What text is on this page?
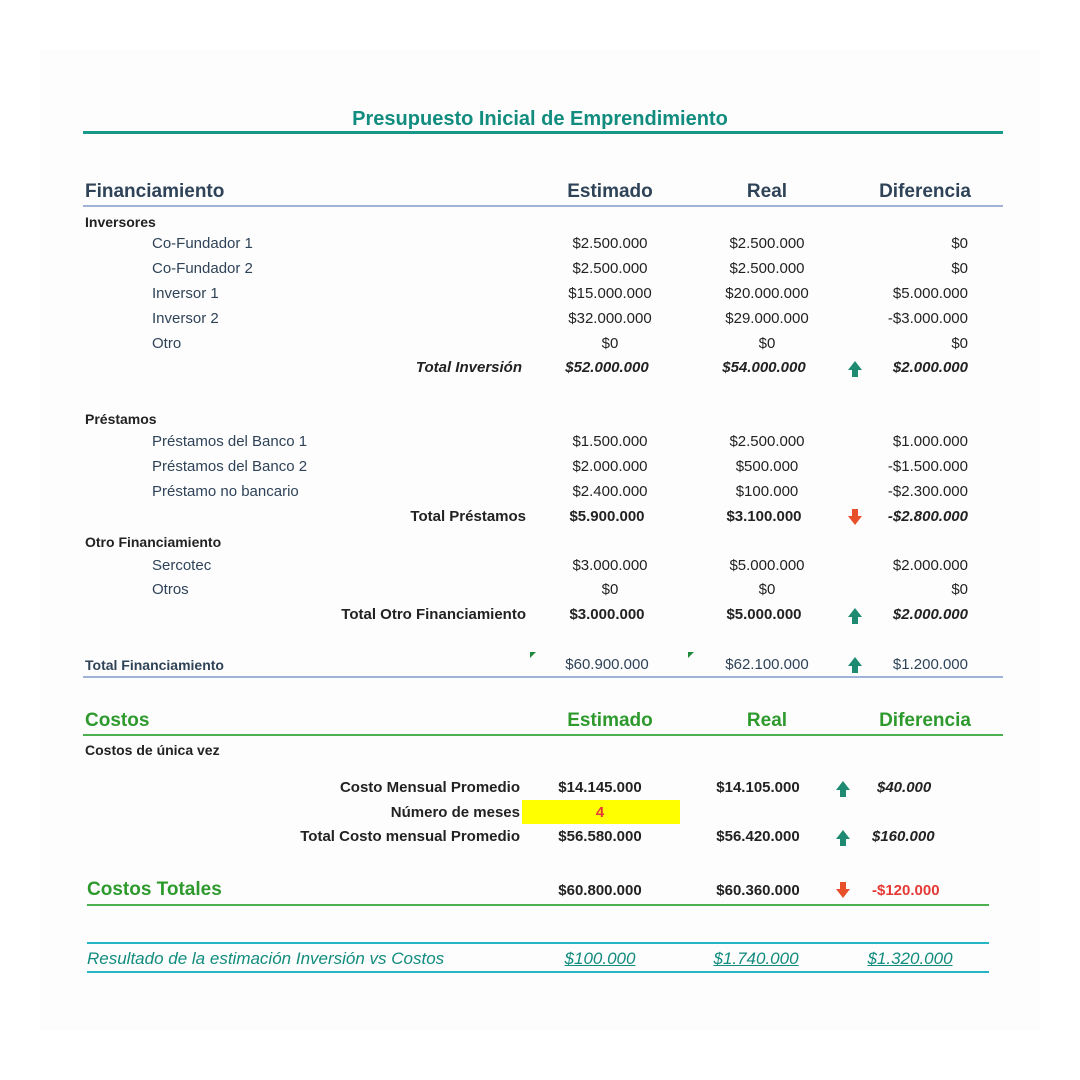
Presupuesto Inicial de Emprendimiento
Financiamiento	Estimado	Real	Diferencia
Inversores
Co-Fundador 1	$2.500.000	$2.500.000	$0
Co-Fundador 2	$2.500.000	$2.500.000	$0
Inversor 1	$15.000.000	$20.000.000	$5.000.000
Inversor 2	$32.000.000	$29.000.000	-$3.000.000
Otro	$0	$0	$0
Total Inversión	$52.000.000	$54.000.000	$2.000.000
Préstamos
Préstamos del Banco 1	$1.500.000	$2.500.000	$1.000.000
Préstamos del Banco 2	$2.000.000	$500.000	-$1.500.000
Préstamo no bancario	$2.400.000	$100.000	-$2.300.000
Total Préstamos	$5.900.000	$3.100.000	-$2.800.000
Otro Financiamiento
Sercotec	$3.000.000	$5.000.000	$2.000.000
Otros	$0	$0	$0
Total Otro Financiamiento	$3.000.000	$5.000.000	$2.000.000
Total Financiamiento	$60.900.000	$62.100.000	$1.200.000
Costos	Estimado	Real	Diferencia
Costos de única vez
Costo Mensual Promedio	$14.145.000	$14.105.000	$40.000
Número de meses	4
Total Costo mensual Promedio	$56.580.000	$56.420.000	$160.000
Costos Totales	$60.800.000	$60.360.000	-$120.000
Resultado de la estimación Inversión vs Costos	$100.000	$1.740.000	$1.320.000
